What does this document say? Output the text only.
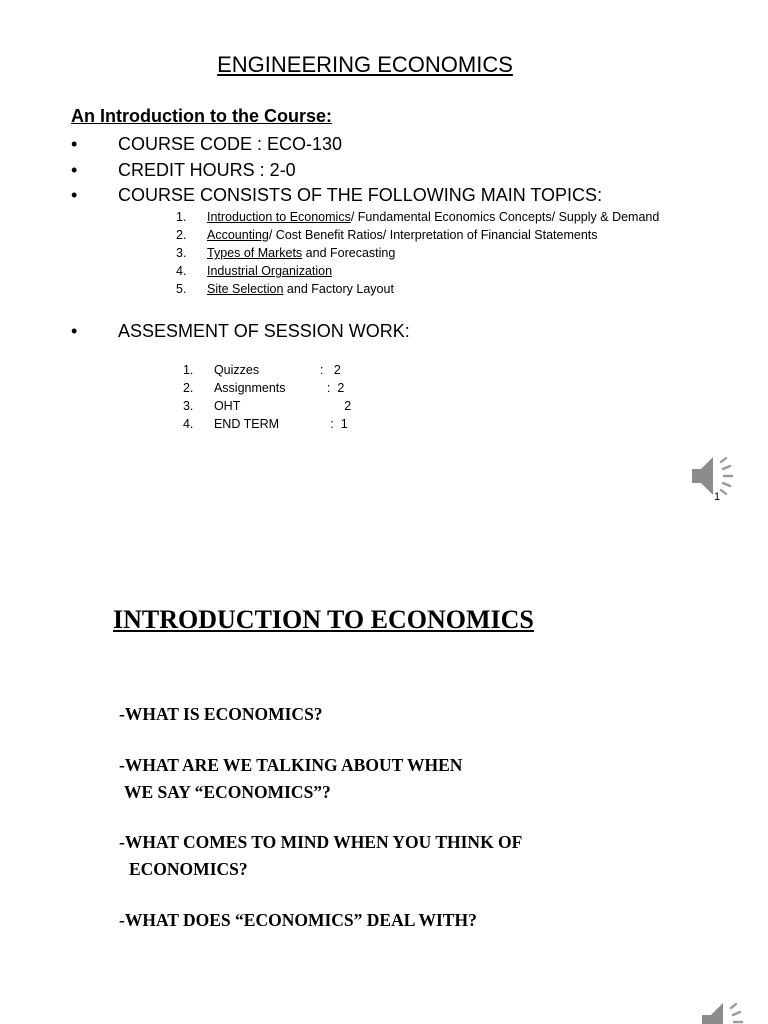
ENGINEERING ECONOMICS
An Introduction to the Course:
• COURSE CODE : ECO-130
• CREDIT HOURS : 2-0
• COURSE CONSISTS OF THE FOLLOWING MAIN TOPICS:
1. Introduction to Economics/ Fundamental Economics Concepts/ Supply & Demand
2. Accounting/ Cost Benefit Ratios/ Interpretation of Financial Statements
3. Types of Markets and Forecasting
4. Industrial Organization
5. Site Selection and Factory Layout
• ASSESMENT OF SESSION WORK:

1. Quizzes	:   2

2. Assignments	:  2

3. OHT	2

4. END TERM	:  1

1
INTRODUCTION TO ECONOMICS
-WHAT IS ECONOMICS?
-WHAT ARE WE TALKING ABOUT WHEN
WE SAY “ECONOMICS”?
-WHAT COMES TO MIND WHEN YOU THINK OF
ECONOMICS?
-WHAT DOES “ECONOMICS” DEAL WITH?
